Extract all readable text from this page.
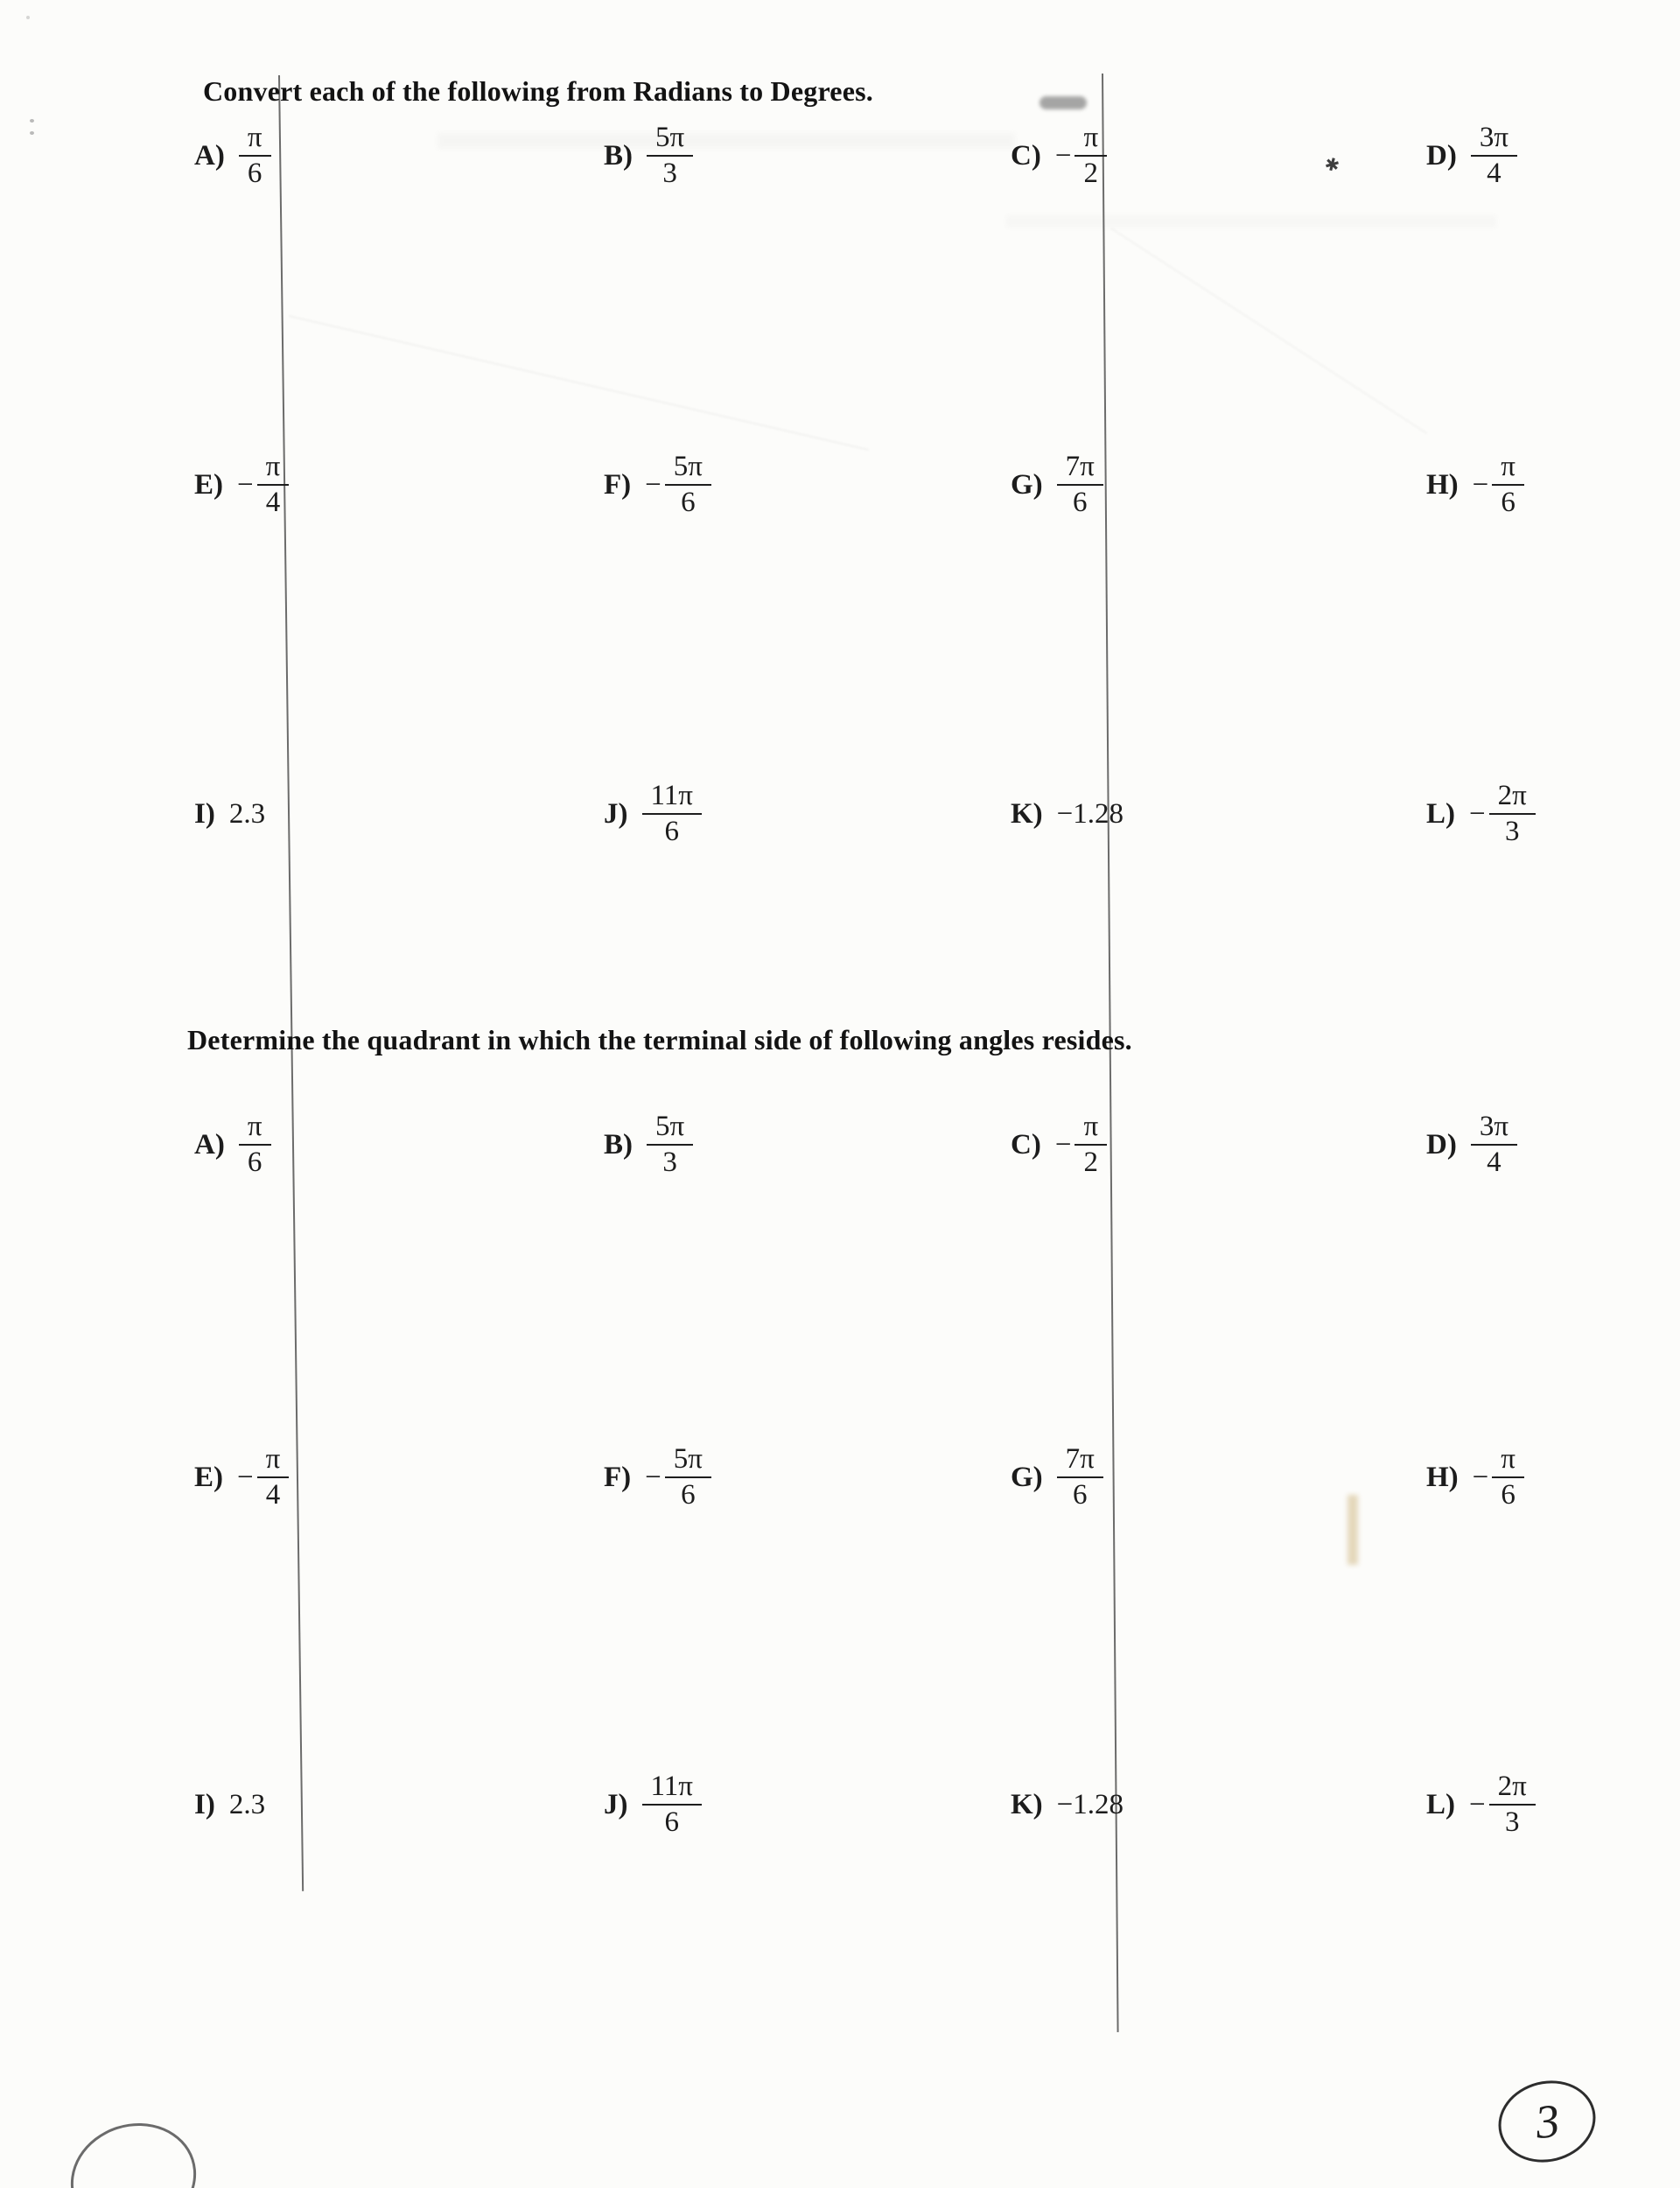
✱
Convert each of the following from Radians to Degrees.
$A) \frac{\pi}{6}$	$B) \frac{5\pi}{3}$	$C) - \frac{\pi}{2}$	$D) \frac{3\pi}{4}$
$E) - \frac{\pi}{4}$	$F) - \frac{5\pi}{6}$	$G) \frac{7\pi}{6}$	$H) - \frac{\pi}{6}$
I) 2.3	$J) \frac{11\pi}{6}$	K) −1.28	$L) - \frac{2\pi}{3}$
Determine the quadrant in which the terminal side of following angles resides.
$A) \frac{\pi}{6}$	$B) \frac{5\pi}{3}$	$C) - \frac{\pi}{2}$	$D) \frac{3\pi}{4}$
$E) - \frac{\pi}{4}$	$F) - \frac{5\pi}{6}$	$G) \frac{7\pi}{6}$	$H) - \frac{\pi}{6}$
I) 2.3	$J) \frac{11\pi}{6}$	K) −1.28	$L) - \frac{2\pi}{3}$
3
